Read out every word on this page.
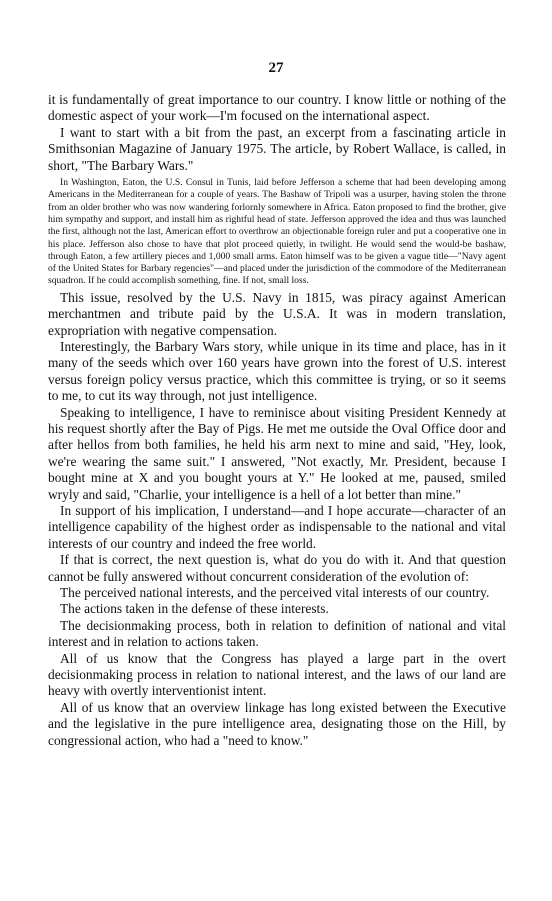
27

it is fundamentally of great importance to our country. I know little or nothing of the domestic aspect of your work—I'm focused on the international aspect.

I want to start with a bit from the past, an excerpt from a fascinating article in Smithsonian Magazine of January 1975. The article, by Robert Wallace, is called, in short, "The Barbary Wars."

In Washington, Eaton, the U.S. Consul in Tunis, laid before Jefferson a scheme that had been developing among Americans in the Mediterranean for a couple of years. The Bashaw of Tripoli was a usurper, having stolen the throne from an older brother who was now wandering forlornly somewhere in Africa. Eaton proposed to find the brother, give him sympathy and support, and install him as rightful head of state. Jefferson approved the idea and thus was launched the first, although not the last, American effort to overthrow an objectionable foreign ruler and put a cooperative one in his place. Jefferson also chose to have that plot proceed quietly, in twilight. He would send the would-be bashaw, through Eaton, a few artillery pieces and 1,000 small arms. Eaton himself was to be given a vague title—"Navy agent of the United States for Barbary regencies"—and placed under the jurisdiction of the commodore of the Mediterranean squadron. If he could accomplish something, fine. If not, small loss.

This issue, resolved by the U.S. Navy in 1815, was piracy against American merchantmen and tribute paid by the U.S.A. It was in modern translation, expropriation with negative compensation.

Interestingly, the Barbary Wars story, while unique in its time and place, has in it many of the seeds which over 160 years have grown into the forest of U.S. interest versus foreign policy versus practice, which this committee is trying, or so it seems to me, to cut its way through, not just intelligence.

Speaking to intelligence, I have to reminisce about visiting President Kennedy at his request shortly after the Bay of Pigs. He met me outside the Oval Office door and after hellos from both families, he held his arm next to mine and said, "Hey, look, we're wearing the same suit." I answered, "Not exactly, Mr. President, because I bought mine at X and you bought yours at Y." He looked at me, paused, smiled wryly and said, "Charlie, your intelligence is a hell of a lot better than mine."

In support of his implication, I understand—and I hope accurate—character of an intelligence capability of the highest order as indispensable to the national and vital interests of our country and indeed the free world.

If that is correct, the next question is, what do you do with it. And that question cannot be fully answered without concurrent consideration of the evolution of:

The perceived national interests, and the perceived vital interests of our country.

The actions taken in the defense of these interests.

The decisionmaking process, both in relation to definition of national and vital interest and in relation to actions taken.

All of us know that the Congress has played a large part in the overt decisionmaking process in relation to national interest, and the laws of our land are heavy with overtly interventionist intent.

All of us know that an overview linkage has long existed between the Executive and the legislative in the pure intelligence area, designating those on the Hill, by congressional action, who had a "need to know."
